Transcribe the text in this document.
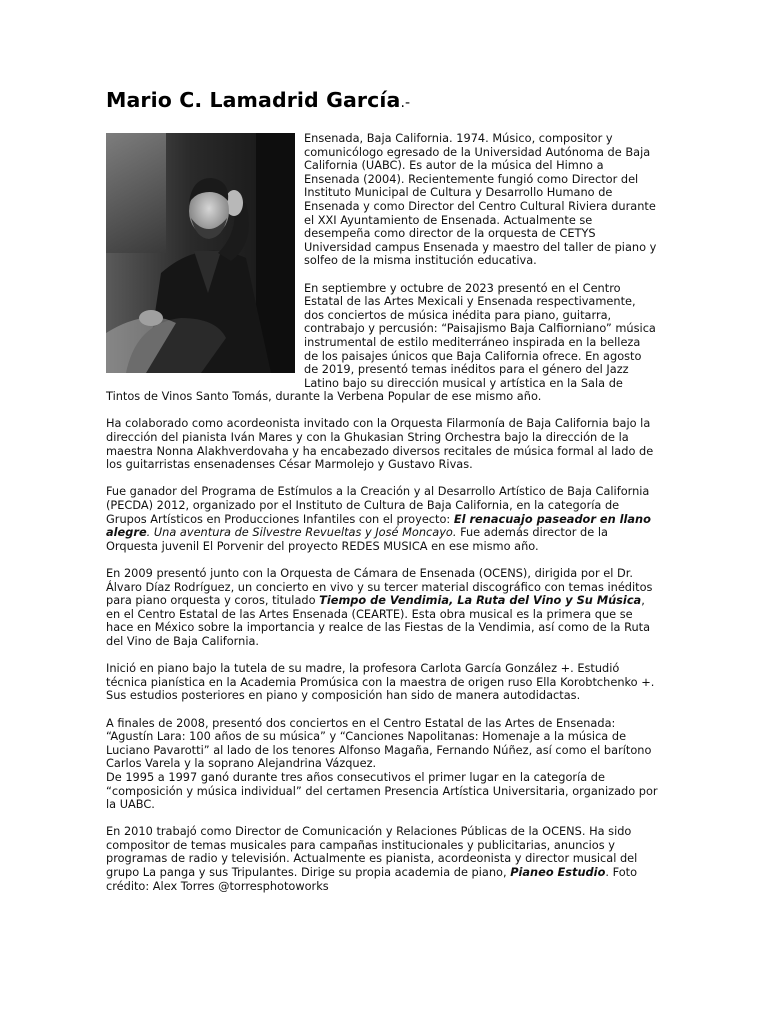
Mario C. Lamadrid García.-

Ensenada, Baja California. 1974. Músico, compositor y comunicólogo egresado de la Universidad Autónoma de Baja California (UABC). Es autor de la música del Himno a Ensenada (2004). Recientemente fungió como Director del Instituto Municipal de Cultura y Desarrollo Humano de Ensenada y como Director del Centro Cultural Riviera durante el XXI Ayuntamiento de Ensenada. Actualmente se desempeña como director de la orquesta de CETYS Universidad campus Ensenada y maestro del taller de piano y solfeo de la misma institución educativa.

En septiembre y octubre de 2023 presentó en el Centro Estatal de las Artes Mexicali y Ensenada respectivamente, dos conciertos de música inédita para piano, guitarra, contrabajo y percusión: “Paisajismo Baja Calfiorniano” música instrumental de estilo mediterráneo inspirada en la belleza de los paisajes únicos que Baja California ofrece. En agosto de 2019, presentó temas inéditos para el género del Jazz Latino bajo su dirección musical y artística en la Sala de Tintos de Vinos Santo Tomás, durante la Verbena Popular de ese mismo año.

Ha colaborado como acordeonista invitado con la Orquesta Filarmonía de Baja California bajo la dirección del pianista Iván Mares y con la Ghukasian String Orchestra bajo la dirección de la maestra Nonna Alakhverdovaha y ha encabezado diversos recitales de música formal al lado de los guitarristas ensenadenses César Marmolejo y Gustavo Rivas.

Fue ganador del Programa de Estímulos a la Creación y al Desarrollo Artístico de Baja California (PECDA) 2012, organizado por el Instituto de Cultura de Baja California, en la categoría de Grupos Artísticos en Producciones Infantiles con el proyecto: El renacuajo paseador en llano alegre. Una aventura de Silvestre Revueltas y José Moncayo. Fue además director de la Orquesta juvenil El Porvenir del proyecto REDES MUSICA en ese mismo año.

En 2009 presentó junto con la Orquesta de Cámara de Ensenada (OCENS), dirigida por el Dr. Álvaro Díaz Rodríguez, un concierto en vivo y su tercer material discográfico con temas inéditos para piano orquesta y coros, titulado Tiempo de Vendimia, La Ruta del Vino y Su Música, en el Centro Estatal de las Artes Ensenada (CEARTE). Esta obra musical es la primera que se hace en México sobre la importancia y realce de las Fiestas de la Vendimia, así como de la Ruta del Vino de Baja California.

Inició en piano bajo la tutela de su madre, la profesora Carlota García González +. Estudió técnica pianística en la Academia Promúsica con la maestra de origen ruso Ella Korobtchenko +. Sus estudios posteriores en piano y composición han sido de manera autodidactas.

A finales de 2008, presentó dos conciertos en el Centro Estatal de las Artes de Ensenada: “Agustín Lara: 100 años de su música” y “Canciones Napolitanas: Homenaje a la música de Luciano Pavarotti” al lado de los tenores Alfonso Magaña, Fernando Núñez, así como el barítono Carlos Varela y la soprano Alejandrina Vázquez.

De 1995 a 1997 ganó durante tres años consecutivos el primer lugar en la categoría de “composición y música individual” del certamen Presencia Artística Universitaria, organizado por la UABC.

En 2010 trabajó como Director de Comunicación y Relaciones Públicas de la OCENS. Ha sido compositor de temas musicales para campañas institucionales y publicitarias, anuncios y programas de radio y televisión. Actualmente es pianista, acordeonista y director musical del grupo La panga y sus Tripulantes. Dirige su propia academia de piano, Pianeo Estudio. Foto crédito: Alex Torres @torresphotoworks
